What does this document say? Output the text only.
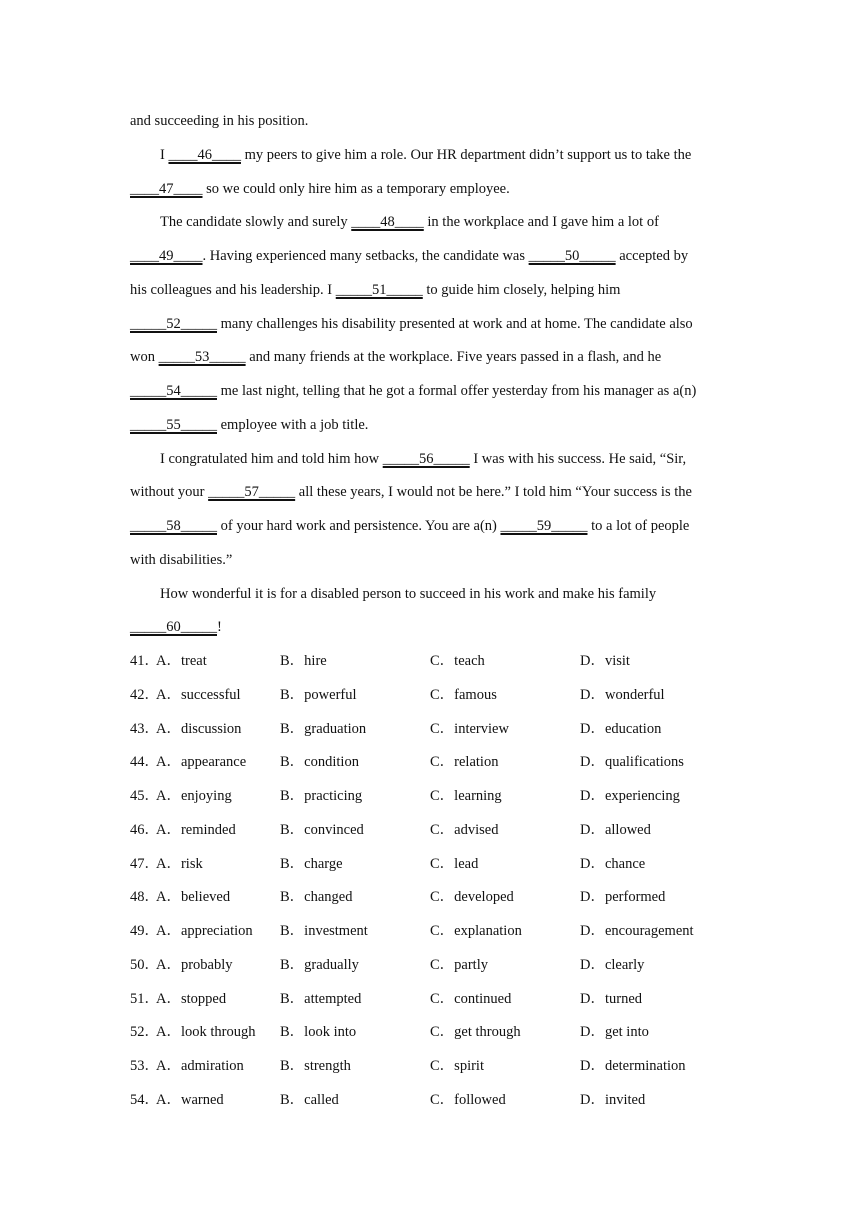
and succeeding in his position.
I ____46____ my peers to give him a role. Our HR department didn’t support us to take the
____47____ so we could only hire him as a temporary employee.
The candidate slowly and surely ____48____ in the workplace and I gave him a lot of
____49____. Having experienced many setbacks, the candidate was _____50_____ accepted by
his colleagues and his leadership. I _____51_____ to guide him closely, helping him
_____52_____ many challenges his disability presented at work and at home. The candidate also
won _____53_____ and many friends at the workplace. Five years passed in a flash, and he
_____54_____ me last night, telling that he got a formal offer yesterday from his manager as a(n)
_____55_____ employee with a job title.
I congratulated him and told him how _____56_____ I was with his success. He said, “Sir,
without your _____57_____ all these years, I would not be here.” I told him “Your success is the
_____58_____ of your hard work and persistence. You are a(n) _____59_____ to a lot of people
with disabilities.”
How wonderful it is for a disabled person to succeed in his work and make his family
_____60_____!
41．
A．treat	B．hire	C．teach	D．visit
42．
A．successful	B．powerful	C．famous	D．wonderful
43．
A．discussion	B．graduation	C．interview	D．education
44．
A．appearance B．condition	C．relation	D．qualifications
45．
A．enjoying	B．practicing	C．learning	D．experiencing
46．
A．reminded	B．convinced	C．advised	D．allowed
47．
A．risk	B．charge	C．lead	D．chance
48．
A．believed	B．changed	C．developed	D．performed
49．
A．appreciation B．investment	C．explanation	D．encouragement
50．
A．probably	B．gradually	C．partly	D．clearly
51．
A．stopped	B．attempted	C．continued	D．turned
52．
A．look through B．look into	C．get through	D．get into
53．
A．admiration B．strength	C．spirit	D．determination
54．
A．warned	B．called	C．followed	D．invited
